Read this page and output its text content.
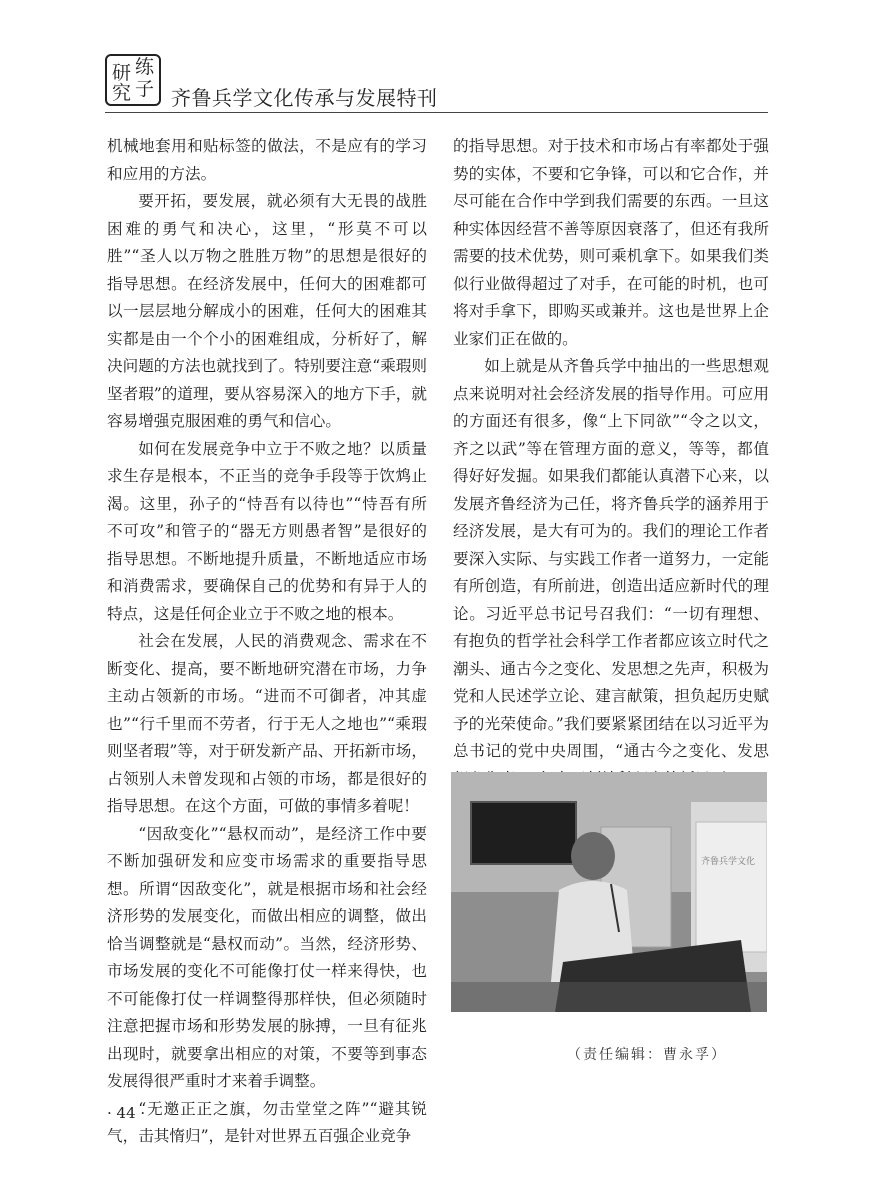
研 练
究 子 齐鲁兵学文化传承与发展特刊

机械地套用和贴标签的做法，不是应有的学习和应用的方法。

要开拓，要发展，就必须有大无畏的战胜困难的勇气和决心，这里，“形莫不可以胜”“圣人以万物之胜胜万物”的思想是很好的指导思想。在经济发展中，任何大的困难都可以一层层地分解成小的困难，任何大的困难其实都是由一个个小的困难组成，分析好了，解决问题的方法也就找到了。特别要注意“乘瑕则坚者瑕”的道理，要从容易深入的地方下手，就容易增强克服困难的勇气和信心。

如何在发展竞争中立于不败之地？以质量求生存是根本，不正当的竞争手段等于饮鸩止渴。这里，孙子的“恃吾有以待也”“恃吾有所不可攻”和管子的“器无方则愚者智”是很好的指导思想。不断地提升质量，不断地适应市场和消费需求，要确保自己的优势和有异于人的特点，这是任何企业立于不败之地的根本。

社会在发展，人民的消费观念、需求在不断变化、提高，要不断地研究潜在市场，力争主动占领新的市场。“进而不可御者，冲其虚也”“行千里而不劳者，行于无人之地也”“乘瑕则坚者瑕”等，对于研发新产品、开拓新市场，占领别人未曾发现和占领的市场，都是很好的指导思想。在这个方面，可做的事情多着呢！

“因敌变化”“悬权而动”，是经济工作中要不断加强研发和应变市场需求的重要指导思想。所谓“因敌变化”，就是根据市场和社会经济形势的发展变化，而做出相应的调整，做出恰当调整就是“悬权而动”。当然，经济形势、市场发展的变化不可能像打仗一样来得快，也不可能像打仗一样调整得那样快，但必须随时注意把握市场和形势发展的脉搏，一旦有征兆出现时，就要拿出相应的对策，不要等到事态发展得很严重时才来着手调整。

“无邀正正之旗，勿击堂堂之阵”“避其锐气，击其惰归”，是针对世界五百强企业竞争

的指导思想。对于技术和市场占有率都处于强势的实体，不要和它争锋，可以和它合作，并尽可能在合作中学到我们需要的东西。一旦这种实体因经营不善等原因衰落了，但还有我所需要的技术优势，则可乘机拿下。如果我们类似行业做得超过了对手，在可能的时机，也可将对手拿下，即购买或兼并。这也是世界上企业家们正在做的。

如上就是从齐鲁兵学中抽出的一些思想观点来说明对社会经济发展的指导作用。可应用的方面还有很多，像“上下同欲”“令之以文，齐之以武”等在管理方面的意义，等等，都值得好好发掘。如果我们都能认真潜下心来，以发展齐鲁经济为己任，将齐鲁兵学的涵养用于经济发展，是大有可为的。我们的理论工作者要深入实际、与实践工作者一道努力，一定能有所创造，有所前进，创造出适应新时代的理论。习近平总书记号召我们：“一切有理想、有抱负的哲学社会科学工作者都应该立时代之潮头、通古今之变化、发思想之先声，积极为党和人民述学立论、建言献策，担负起历史赋予的光荣使命。”我们要紧紧团结在以习近平为总书记的党中央周围，“通古今之变化、发思

齐鲁兵学文化
（责任编辑：曹永孚）
· 44 ·
